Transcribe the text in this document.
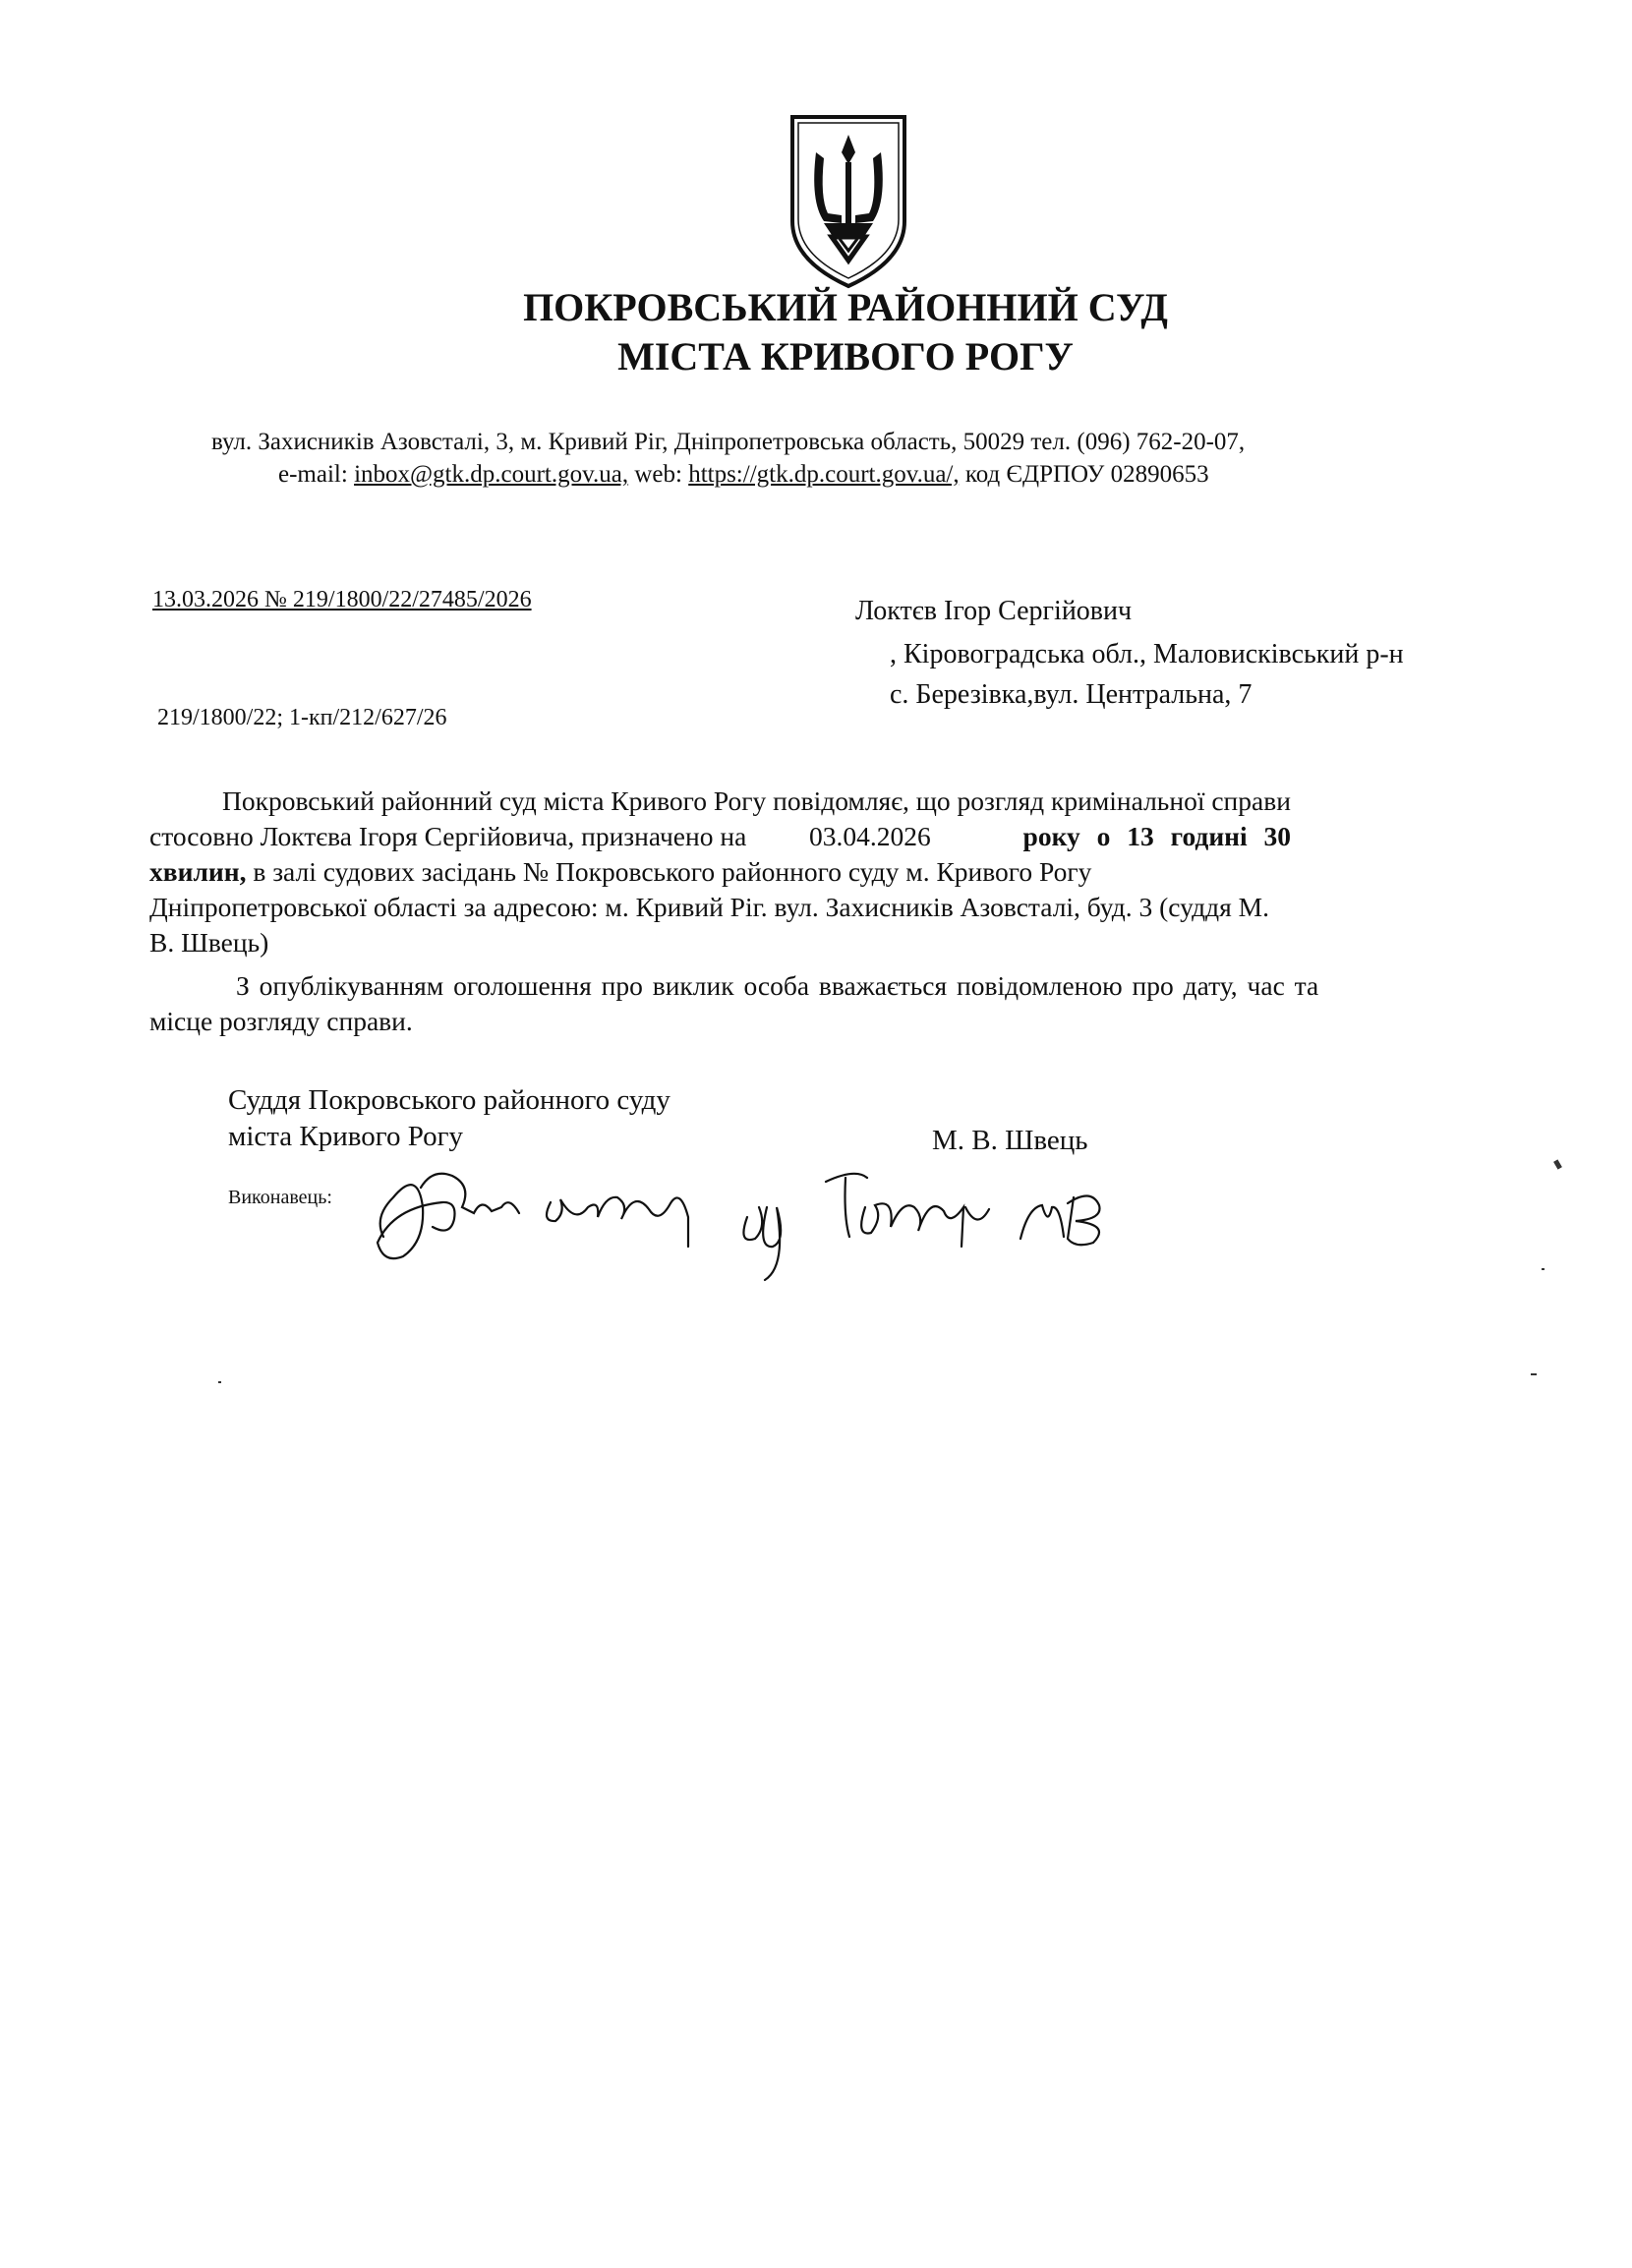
ПОКРОВСЬКИЙ РАЙОННИЙ СУД
МІСТА КРИВОГО РОГУ
вул. Захисників Азовсталі, 3, м. Кривий Ріг, Дніпропетровська область, 50029 тел. (096) 762-20-07,
e-mail: inbox@gtk.dp.court.gov.ua, web: https://gtk.dp.court.gov.ua/, код ЄДРПОУ 02890653
13.03.2026 № 219/1800/22/27485/2026
219/1800/22; 1-кп/212/627/26
Локтєв Ігор Сергійович
, Кіровоградська обл., Маловисківський р-н
с. Березівка,вул. Центральна, 7
Покровський районний суд міста Кривого Рогу повідомляє, що розгляд кримінальної справи
стосовно Локтєва Ігоря Сергійовича, призначено на 03.04.2026	року о 13 годині 30
хвилин, в залі судових засідань № Покровського районного суду м. Кривого Рогу
Дніпропетровської області за адресою: м. Кривий Ріг. вул. Захисників Азовсталі, буд. 3 (суддя М.
В. Швець)
З опублікуванням оголошення про виклик особа вважається повідомленою про дату, час та
місце розгляду справи.
Суддя Покровського районного суду
міста Кривого Рогу	М. В. Швець
Виконавець:
